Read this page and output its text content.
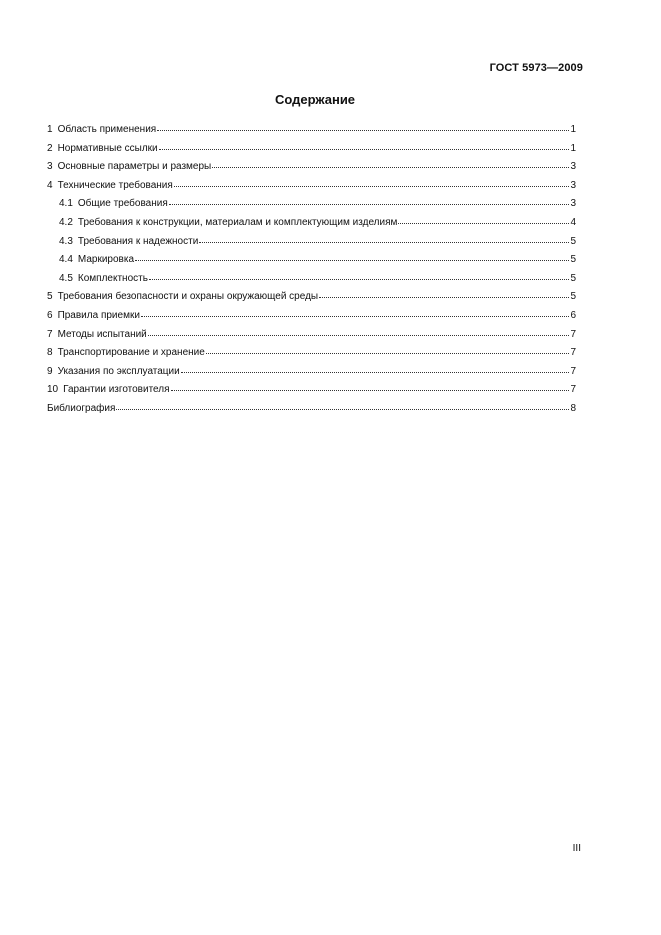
ГОСТ 5973—2009
Содержание
1 Область применения	1
2 Нормативные ссылки	1
3 Основные параметры и размеры	3
4 Технические требования	3
4.1 Общие требования	3
4.2 Требования к конструкции, материалам и комплектующим изделиям	4
4.3 Требования к надежности	5
4.4 Маркировка	5
4.5 Комплектность	5
5 Требования безопасности и охраны окружающей среды	5
6 Правила приемки	6
7 Методы испытаний	7
8 Транспортирование и хранение	7
9 Указания по эксплуатации	7
10 Гарантии изготовителя	7
Библиография	8
III
